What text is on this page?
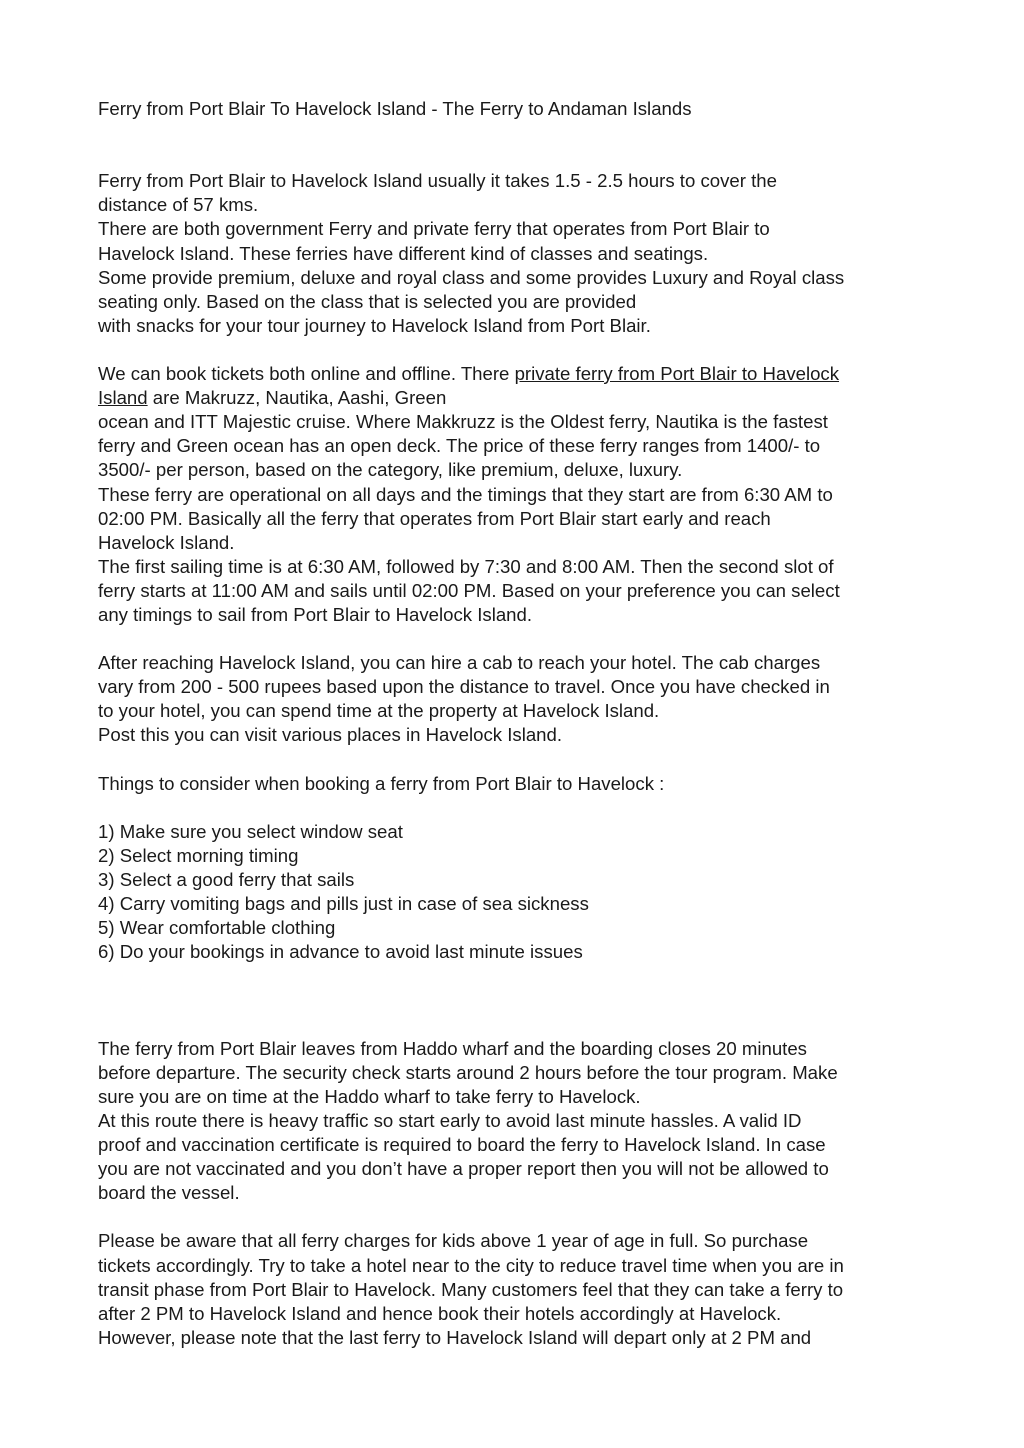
Ferry from Port Blair To Havelock Island - The Ferry to Andaman Islands
Ferry from Port Blair to Havelock Island usually it takes 1.5 - 2.5 hours to cover the
distance of 57 kms.
There are both government Ferry and private ferry that operates from Port Blair to
Havelock Island. These ferries have different kind of classes and seatings.
Some provide premium, deluxe and royal class and some provides Luxury and Royal class
seating only. Based on the class that is selected you are provided
with snacks for your tour journey to Havelock Island from Port Blair.
We can book tickets both online and offline. There private ferry from Port Blair to Havelock
Island are Makruzz, Nautika, Aashi, Green
ocean and ITT Majestic cruise. Where Makkruzz is the Oldest ferry, Nautika is the fastest
ferry and Green ocean has an open deck. The price of these ferry ranges from 1400/- to
3500/- per person, based on the category, like premium, deluxe, luxury.
These ferry are operational on all days and the timings that they start are from 6:30 AM to
02:00 PM. Basically all the ferry that operates from Port Blair start early and reach
Havelock Island.
The first sailing time is at 6:30 AM, followed by 7:30 and 8:00 AM. Then the second slot of
ferry starts at 11:00 AM and sails until 02:00 PM. Based on your preference you can select
any timings to sail from Port Blair to Havelock Island.
After reaching Havelock Island, you can hire a cab to reach your hotel. The cab charges
vary from 200 - 500 rupees based upon the distance to travel. Once you have checked in
to your hotel, you can spend time at the property at Havelock Island.
Post this you can visit various places in Havelock Island.
Things to consider when booking a ferry from Port Blair to Havelock :
1) Make sure you select window seat
2) Select morning timing
3) Select a good ferry that sails
4) Carry vomiting bags and pills just in case of sea sickness
5) Wear comfortable clothing
6) Do your bookings in advance to avoid last minute issues
The ferry from Port Blair leaves from Haddo wharf and the boarding closes 20 minutes
before departure. The security check starts around 2 hours before the tour program. Make
sure you are on time at the Haddo wharf to take ferry to Havelock.
At this route there is heavy traffic so start early to avoid last minute hassles. A valid ID
proof and vaccination certificate is required to board the ferry to Havelock Island. In case
you are not vaccinated and you don’t have a proper report then you will not be allowed to
board the vessel.
Please be aware that all ferry charges for kids above 1 year of age in full. So purchase
tickets accordingly. Try to take a hotel near to the city to reduce travel time when you are in
transit phase from Port Blair to Havelock. Many customers feel that they can take a ferry to
after 2 PM to Havelock Island and hence book their hotels accordingly at Havelock.
However, please note that the last ferry to Havelock Island will depart only at 2 PM and
